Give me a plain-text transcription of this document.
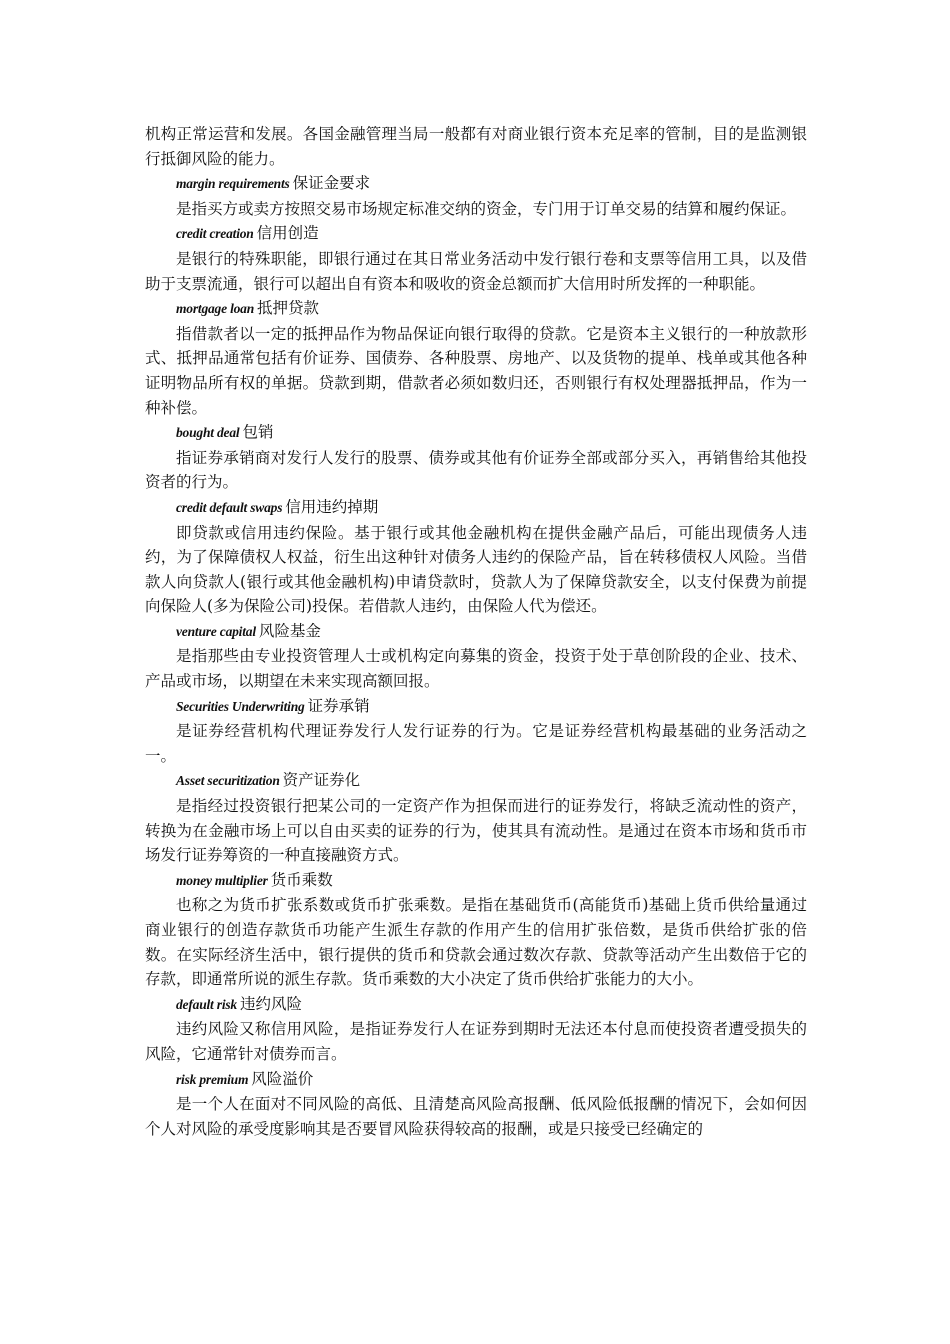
机构正常运营和发展。各国金融管理当局一般都有对商业银行资本充足率的管制，目的是监测银行抵御风险的能力。

margin requirements 保证金要求

是指买方或卖方按照交易市场规定标准交纳的资金，专门用于订单交易的结算和履约保证。

credit creation 信用创造

是银行的特殊职能，即银行通过在其日常业务活动中发行银行卷和支票等信用工具，以及借助于支票流通，银行可以超出自有资本和吸收的资金总额而扩大信用时所发挥的一种职能。

mortgage loan 抵押贷款

指借款者以一定的抵押品作为物品保证向银行取得的贷款。它是资本主义银行的一种放款形式、抵押品通常包括有价证券、国债券、各种股票、房地产、以及货物的提单、栈单或其他各种证明物品所有权的单据。贷款到期，借款者必须如数归还，否则银行有权处理器抵押品，作为一种补偿。

bought deal 包销

指证券承销商对发行人发行的股票、债券或其他有价证券全部或部分买入，再销售给其他投资者的行为。

credit default swaps 信用违约掉期

即贷款或信用违约保险。基于银行或其他金融机构在提供金融产品后，可能出现债务人违约，为了保障债权人权益，衍生出这种针对债务人违约的保险产品，旨在转移债权人风险。当借款人向贷款人(银行或其他金融机构)申请贷款时，贷款人为了保障贷款安全，以支付保费为前提向保险人(多为保险公司)投保。若借款人违约，由保险人代为偿还。

venture capital 风险基金

是指那些由专业投资管理人士或机构定向募集的资金，投资于处于草创阶段的企业、技术、产品或市场，以期望在未来实现高额回报。

Securities Underwriting 证券承销

是证券经营机构代理证券发行人发行证券的行为。它是证券经营机构最基础的业务活动之一。

Asset securitization 资产证券化

是指经过投资银行把某公司的一定资产作为担保而进行的证券发行，将缺乏流动性的资产，转换为在金融市场上可以自由买卖的证券的行为，使其具有流动性。是通过在资本市场和货币市场发行证券筹资的一种直接融资方式。

money multiplier 货币乘数

也称之为货币扩张系数或货币扩张乘数。是指在基础货币(高能货币)基础上货币供给量通过商业银行的创造存款货币功能产生派生存款的作用产生的信用扩张倍数，是货币供给扩张的倍数。在实际经济生活中，银行提供的货币和贷款会通过数次存款、贷款等活动产生出数倍于它的存款，即通常所说的派生存款。货币乘数的大小决定了货币供给扩张能力的大小。

default risk 违约风险

违约风险又称信用风险，是指证券发行人在证券到期时无法还本付息而使投资者遭受损失的风险，它通常针对债券而言。

risk premium 风险溢价

是一个人在面对不同风险的高低、且清楚高风险高报酬、低风险低报酬的情况下，会如何因个人对风险的承受度影响其是否要冒风险获得较高的报酬，或是只接受已经确定的
